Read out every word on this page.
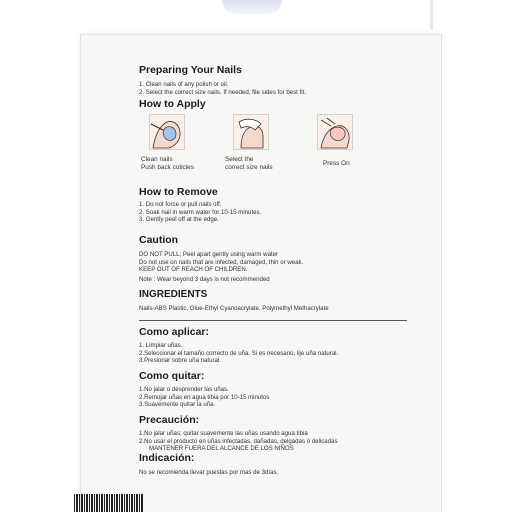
Preparing Your Nails
1. Clean nails of any polish or oil.
2. Select the correct size nails. If needed, file sides for best fit.
How to Apply
Clean nails
Push back cuticles
Select the
correct size nails
Press On
How to Remove
1. Do not force or pull nails off.
2. Soak nail in warm water for 10-15 minutes.
3. Gently peel off at the edge.
Caution
DO NOT PULL; Peel apart gently using warm water
Do not use on nails that are infected, damaged, thin or weak.
KEEP OUT OF REACH OF CHILDREN.
Note : Wear beyond 3 days is not recommended
INGREDIENTS
Nails-ABS Plastic, Glue-Ethyl Cyanoacrylate, Polymethyl Methacrylate
Como aplicar:
1. Limpiar uñas.
2.Seleccionar el tamaño correcto de uña. Si es necesario, lije uña natural.
3.Presionar sobre uña natural.
Como quitar:
1.No jalar o desprender las uñas.
2.Remojar uñas en agua tibia por 10-15 minutos
3.Suavemente quitar la uña.
Precaución:
1.No jalar uñas; quitar suavemente las uñas usando agua tibia
2.No usar el producto en uñas infectadas, dañadas, delgadas ó delicadas
MANTENER FUERA DEL ALCANCE DE LOS NIÑOS
Indicación:
No se recomienda llevar puestas por mas de 3días.
